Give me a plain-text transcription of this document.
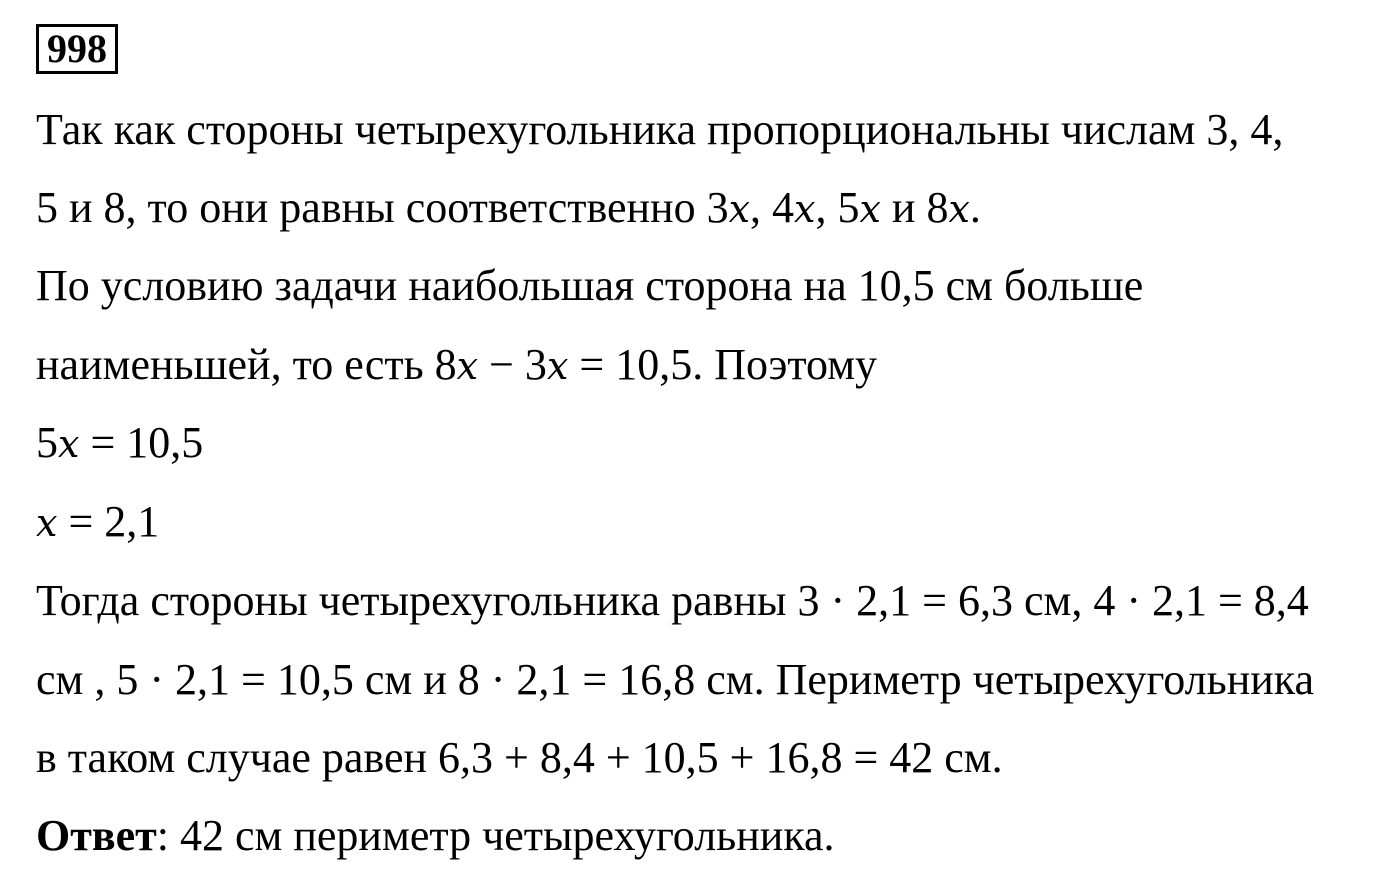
998
Так как стороны четырехугольника пропорциональны числам 3, 4,
5 и 8, то они равны соответственно 3x, 4x, 5x и 8x.
По условию задачи наибольшая сторона на 10,5 см больше
наименьшей, то есть 8x − 3x = 10,5. Поэтому
5x = 10,5
x = 2,1
Тогда стороны четырехугольника равны 3 · 2,1 = 6,3 см, 4 · 2,1 = 8,4
см , 5 · 2,1 = 10,5 см и 8 · 2,1 = 16,8 см. Периметр четырехугольника
в таком случае равен 6,3 + 8,4 + 10,5 + 16,8 = 42 см.
Ответ: 42 см периметр четырехугольника.
